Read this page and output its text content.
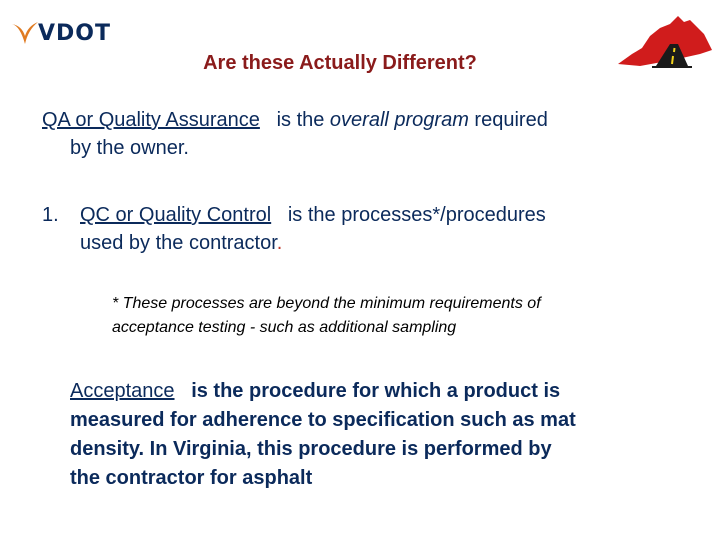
VDOT
Are these Actually Different?
QA or Quality Assurance is the overall program required
by the owner.
1. QC or Quality Control is the processes*/procedures
used by the contractor.
* These processes are beyond the minimum requirements of
acceptance testing - such as additional sampling
Acceptance is the procedure for which a product is
measured for adherence to specification such as mat
density. In Virginia, this procedure is performed by
the contractor for asphalt
